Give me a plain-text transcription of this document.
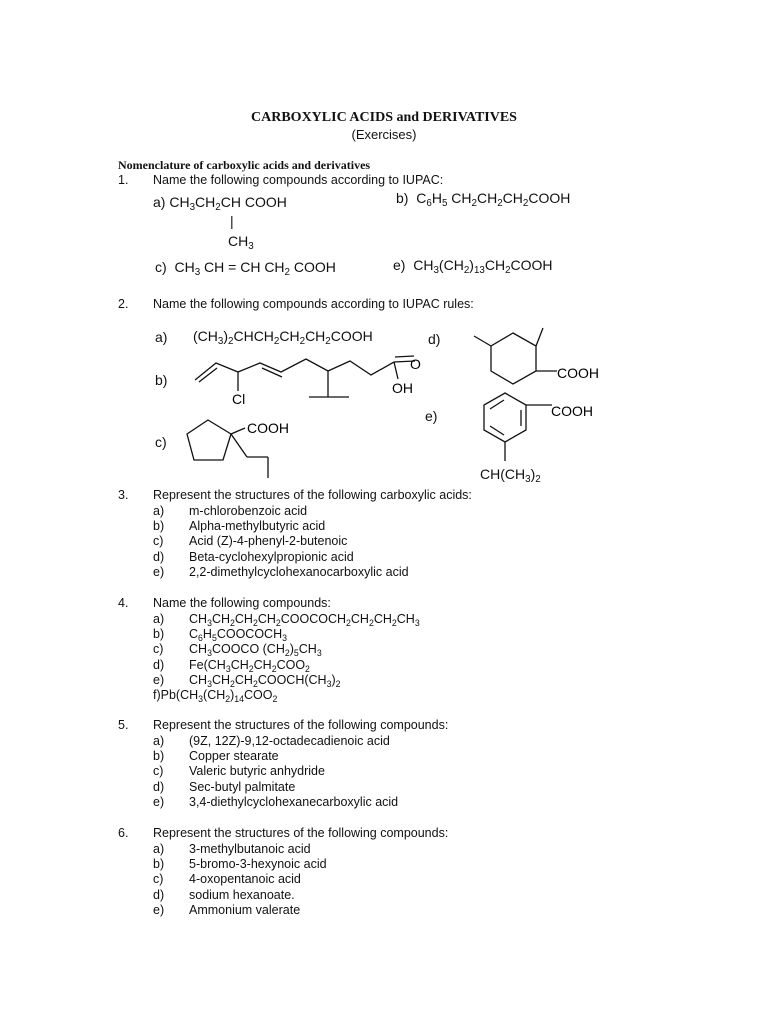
CARBOXYLIC ACIDS and DERIVATIVES
(Exercises)
Nomenclature of carboxylic acids and derivatives
1. Name the following compounds according to IUPAC:
a) $CH_3CH_2CH$ COOH
|
$CH_3$
b) $C_6H_5$ $CH_2CH_2CH_2COOH$
c) $CH_3$ CH = CH $CH_2$ COOH	e) $CH_3(CH_2)_{13}CH_2COOH$
2. Name the following compounds according to IUPAC rules:
a) $(CH_3)_2CHCH_2CH_2CH_2COOH$	d)
b)
e)
c)
Cl
O
OH
COOH
COOH
COOH
$CH(CH_3)_2$
3. Represent the structures of the following carboxylic acids:
a) m-chlorobenzoic acid
b) Alpha-methylbutyric acid
c) Acid (Z)-4-phenyl-2-butenoic
d) Beta-cyclohexylpropionic acid
e) 2,2-dimethylcyclohexanocarboxylic acid
4. Name the following compounds:
a) $CH_3CH_2CH_2CH_2COOCOCH_2CH_2CH_2CH_3$
b) $C_6H_5COOCOCH_3$
c) $CH_3COOCO$ $(CH_2)_5CH_3$
d) $Fe(CH_3CH_2CH_2COO_2$
e) $CH_3CH_2CH_2COOCH(CH_3)_2$
$f)Pb(CH_3(CH_2)_{14}COO_2$
5. Represent the structures of the following compounds:
a) (9Z, 12Z)-9,12-octadecadienoic acid
b) Copper stearate
c) Valeric butyric anhydride
d) Sec-butyl palmitate
e) 3,4-diethylcyclohexanecarboxylic acid
6. Represent the structures of the following compounds:
a) 3-methylbutanoic acid
b) 5-bromo-3-hexynoic acid
c) 4-oxopentanoic acid
d) sodium hexanoate.
e) Ammonium valerate
